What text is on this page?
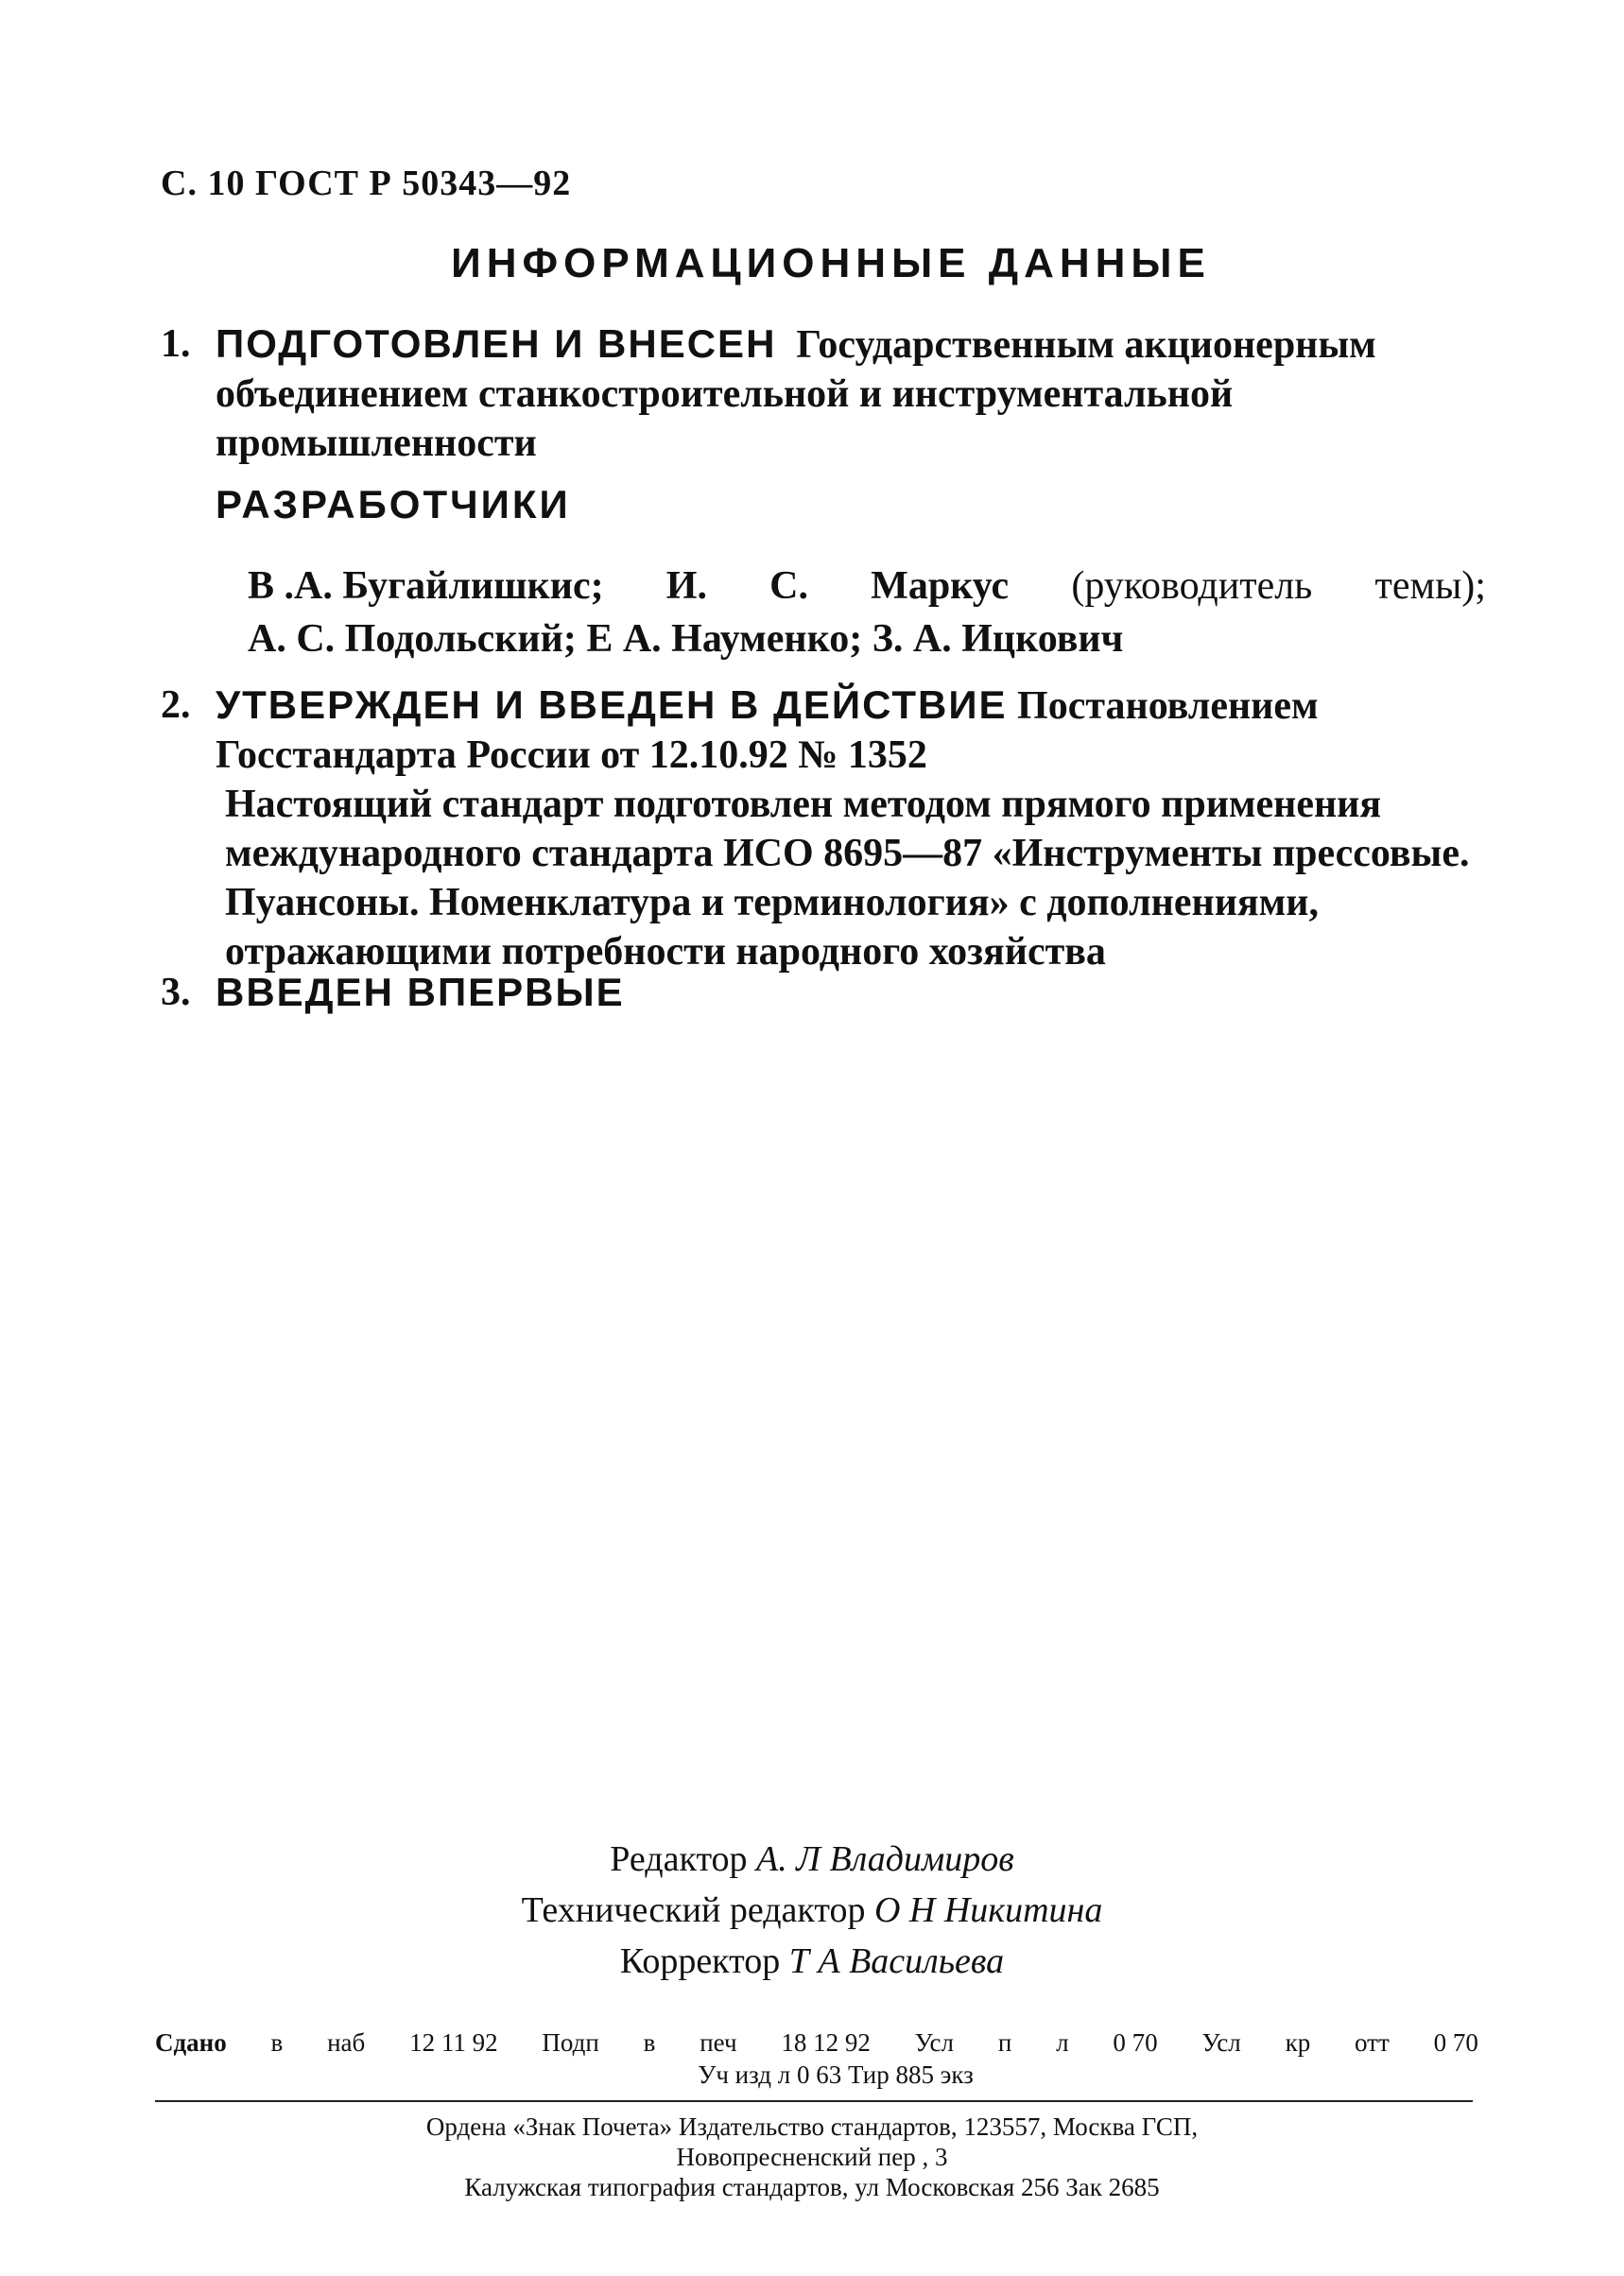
С. 10 ГОСТ Р 50343—92
ИНФОРМАЦИОННЫЕ ДАННЫЕ
1. ПОДГОТОВЛЕН И ВНЕСЕН Государственным акционерным объединением станкостроительной и инструментальной промышленности
РАЗРАБОТЧИКИ
В .А. Бугайлишкис; И. С. Маркус (руководитель темы);
А. С. Подольский; Е А. Науменко; З. А. Ицкович
2. УТВЕРЖДЕН И ВВЕДЕН В ДЕЙСТВИЕ Постановлением Госстандарта России от 12.10.92 № 1352

Настоящий стандарт подготовлен методом прямого применения международного стандарта ИСО 8695—87 «Инструменты прессовые. Пуансоны. Номенклатура и терминология» с дополнениями, отражающими потребности народного хозяйства

3. ВВЕДЕН ВПЕРВЫЕ
Редактор А. Л Владимиров
Технический редактор О Н Никитина
Корректор Т А Васильева
Сдано в наб 12 11 92 Подп в печ 18 12 92 Усл п л 0 70 Усл кр отт 0 70
Уч изд л 0 63 Тир 885 экз
Ордена «Знак Почета» Издательство стандартов, 123557, Москва ГСП,
Новопресненский пер , 3
Калужская типография стандартов, ул Московская 256 Зак 2685
